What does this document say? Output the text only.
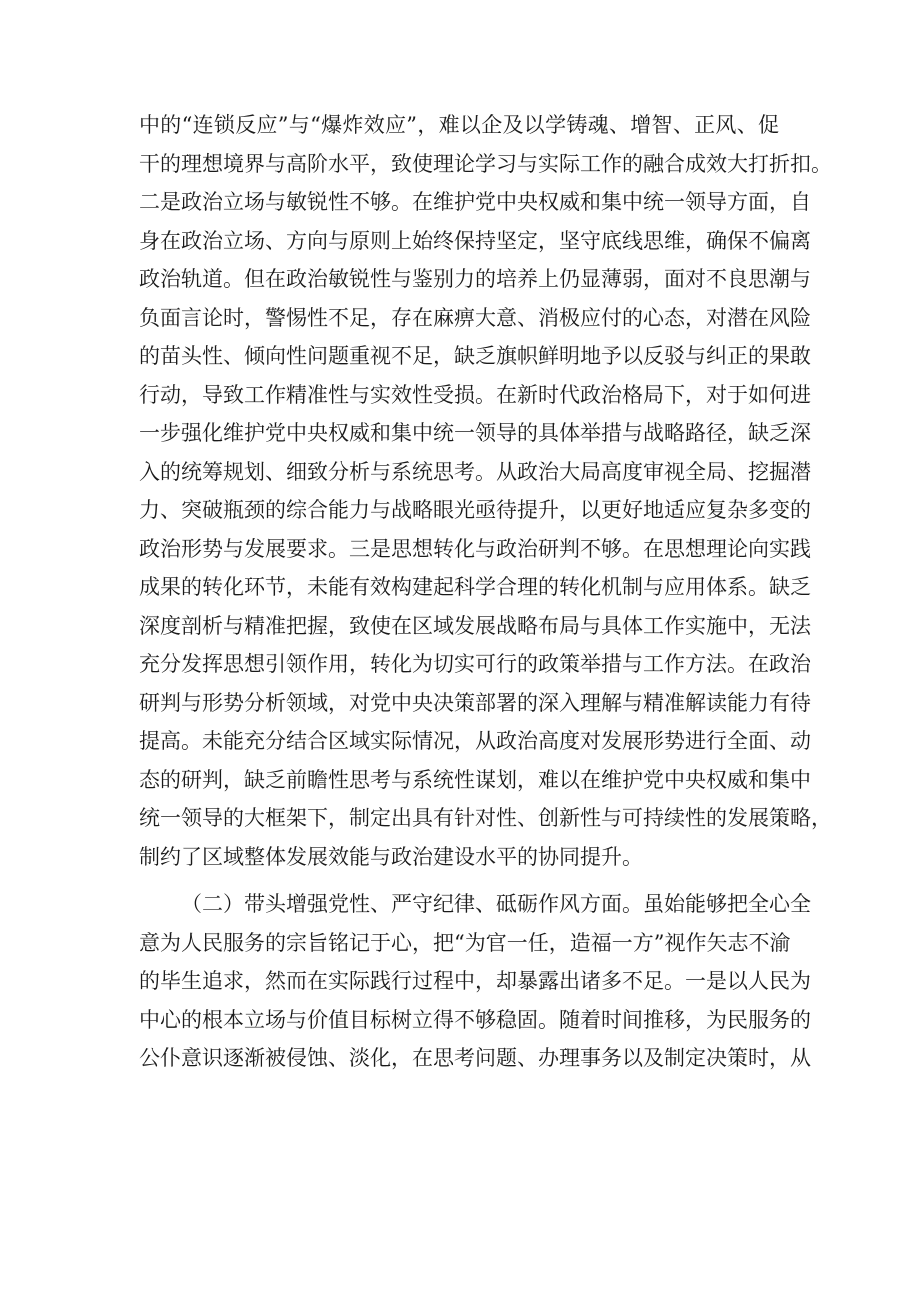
中的“连锁反应”与“爆炸效应”，难以企及以学铸魂、增智、正风、促
干的理想境界与高阶水平，致使理论学习与实际工作的融合成效大打折扣。
二是政治立场与敏锐性不够。在维护党中央权威和集中统一领导方面，自
身在政治立场、方向与原则上始终保持坚定，坚守底线思维，确保不偏离
政治轨道。但在政治敏锐性与鉴别力的培养上仍显薄弱，面对不良思潮与
负面言论时，警惕性不足，存在麻痹大意、消极应付的心态，对潜在风险
的苗头性、倾向性问题重视不足，缺乏旗帜鲜明地予以反驳与纠正的果敢
行动，导致工作精准性与实效性受损。在新时代政治格局下，对于如何进
一步强化维护党中央权威和集中统一领导的具体举措与战略路径，缺乏深
入的统筹规划、细致分析与系统思考。从政治大局高度审视全局、挖掘潜
力、突破瓶颈的综合能力与战略眼光亟待提升，以更好地适应复杂多变的
政治形势与发展要求。三是思想转化与政治研判不够。在思想理论向实践
成果的转化环节，未能有效构建起科学合理的转化机制与应用体系。缺乏
深度剖析与精准把握，致使在区域发展战略布局与具体工作实施中，无法
充分发挥思想引领作用，转化为切实可行的政策举措与工作方法。在政治
研判与形势分析领域，对党中央决策部署的深入理解与精准解读能力有待
提高。未能充分结合区域实际情况，从政治高度对发展形势进行全面、动
态的研判，缺乏前瞻性思考与系统性谋划，难以在维护党中央权威和集中
统一领导的大框架下，制定出具有针对性、创新性与可持续性的发展策略，
制约了区域整体发展效能与政治建设水平的协同提升。
（二）带头增强党性、严守纪律、砥砺作风方面。虽始能够把全心全
意为人民服务的宗旨铭记于心，把“为官一任，造福一方”视作矢志不渝
的毕生追求，然而在实际践行过程中，却暴露出诸多不足。一是以人民为
中心的根本立场与价值目标树立得不够稳固。随着时间推移，为民服务的
公仆意识逐渐被侵蚀、淡化，在思考问题、办理事务以及制定决策时，从
